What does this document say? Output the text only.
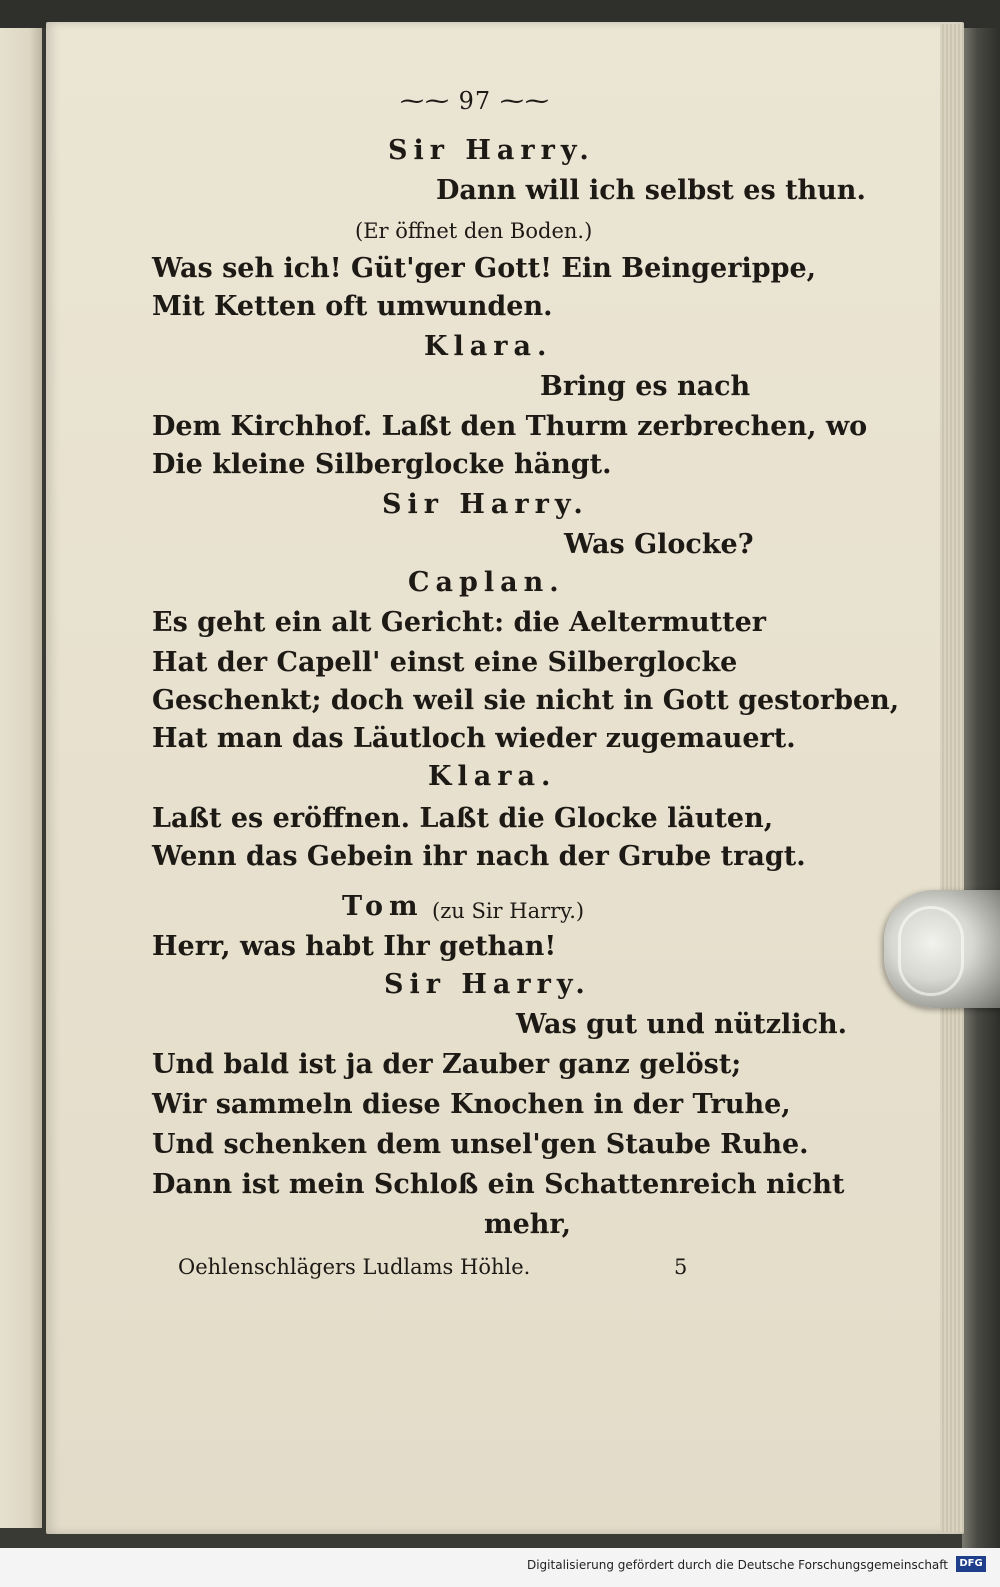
⁓⁓ 97 ⁓⁓

Sir Harry.

Dann will ich selbst es thun.

(Er öffnet den Boden.)

Was seh ich! Güt'ger Gott! Ein Beingerippe,

Mit Ketten oft umwunden.

Klara.

Bring es nach

Dem Kirchhof. Laßt den Thurm zerbrechen, wo

Die kleine Silberglocke hängt.

Sir Harry.

Was Glocke?

Caplan.

Es geht ein alt Gericht: die Aeltermutter

Hat der Capell' einst eine Silberglocke

Geschenkt; doch weil sie nicht in Gott gestorben,

Hat man das Läutloch wieder zugemauert.

Klara.

Laßt es eröffnen. Laßt die Glocke läuten,

Wenn das Gebein ihr nach der Grube tragt.

Tom (zu Sir Harry.)

Herr, was habt Ihr gethan!

Sir Harry.

Was gut und nützlich.

Und bald ist ja der Zauber ganz gelöst;

Wir sammeln diese Knochen in der Truhe,

Und schenken dem unsel'gen Staube Ruhe.

Dann ist mein Schloß ein Schattenreich nicht

mehr,

Oehlenschlägers Ludlams Höhle.	5

Digitalisierung gefördert durch die Deutsche Forschungsgemeinschaft	DFG
